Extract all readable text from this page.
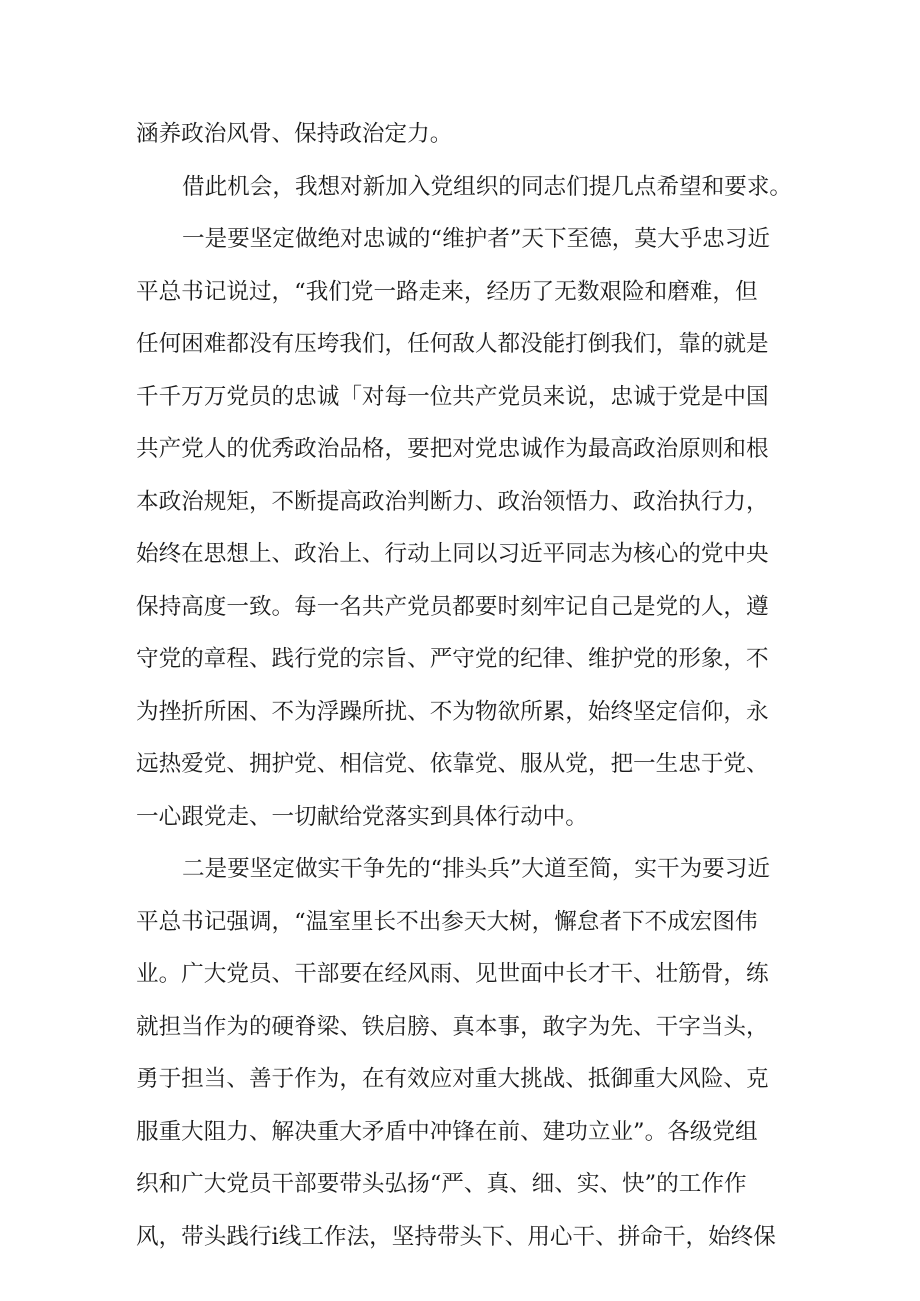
涵养政治风骨、保持政治定力。
借此机会，我想对新加入党组织的同志们提几点希望和要求。
一是要坚定做绝对忠诚的“维护者”天下至德，莫大乎忠习近
平总书记说过，“我们党一路走来，经历了无数艰险和磨难，但
任何困难都没有压垮我们，任何敌人都没能打倒我们，靠的就是
千千万万党员的忠诚「对每一位共产党员来说，忠诚于党是中国
共产党人的优秀政治品格，要把对党忠诚作为最高政治原则和根
本政治规矩，不断提高政治判断力、政治领悟力、政治执行力，
始终在思想上、政治上、行动上同以习近平同志为核心的党中央
保持高度一致。每一名共产党员都要时刻牢记自己是党的人，遵
守党的章程、践行党的宗旨、严守党的纪律、维护党的形象，不
为挫折所困、不为浮躁所扰、不为物欲所累，始终坚定信仰，永
远热爱党、拥护党、相信党、依靠党、服从党，把一生忠于党、
一心跟党走、一切献给党落实到具体行动中。
二是要坚定做实干争先的“排头兵”大道至简，实干为要习近
平总书记强调，“温室里长不出参天大树，懈怠者下不成宏图伟
业。广大党员、干部要在经风雨、见世面中长才干、壮筋骨，练
就担当作为的硬脊梁、铁启膀、真本事，敢字为先、干字当头，
勇于担当、善于作为，在有效应对重大挑战、抵御重大风险、克
服重大阻力、解决重大矛盾中冲锋在前、建功立业”。各级党组
织和广大党员干部要带头弘扬“严、真、细、实、快”的工作作
风，带头践行i线工作法，坚持带头下、用心干、拼命干，始终保
